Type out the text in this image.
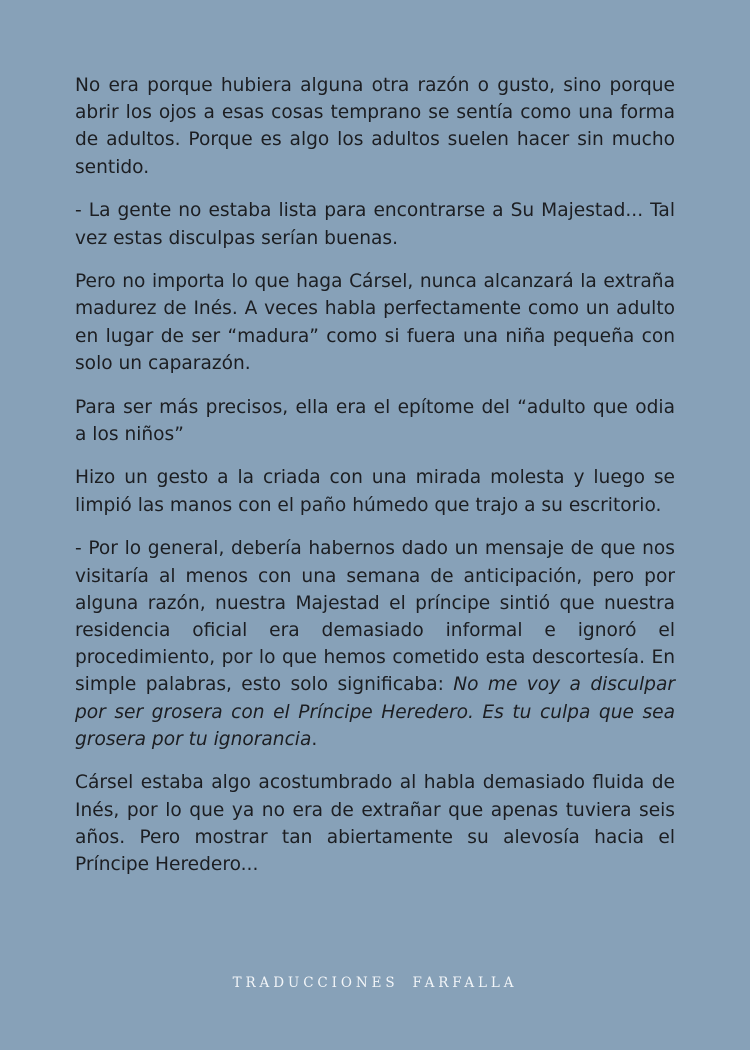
No era porque hubiera alguna otra razón o gusto, sino porque abrir los ojos a esas cosas temprano se sentía como una forma de adultos. Porque es algo los adultos suelen hacer sin mucho sentido.

- La gente no estaba lista para encontrarse a Su Majestad... Tal vez estas disculpas serían buenas.

Pero no importa lo que haga Cársel, nunca alcanzará la extraña madurez de Inés. A veces habla perfectamente como un adulto en lugar de ser “madura” como si fuera una niña pequeña con solo un caparazón.

Para ser más precisos, ella era el epítome del “adulto que odia a los niños”

Hizo un gesto a la criada con una mirada molesta y luego se limpió las manos con el paño húmedo que trajo a su escritorio.

- Por lo general, debería habernos dado un mensaje de que nos visitaría al menos con una semana de anticipación, pero por alguna razón, nuestra Majestad el príncipe sintió que nuestra residencia oficial era demasiado informal e ignoró el procedimiento, por lo que hemos cometido esta descortesía. En simple palabras, esto solo significaba: No me voy a disculpar por ser grosera con el Príncipe Heredero. Es tu culpa que sea grosera por tu ignorancia.

Cársel estaba algo acostumbrado al habla demasiado fluida de Inés, por lo que ya no era de extrañar que apenas tuviera seis años. Pero mostrar tan abiertamente su alevosía hacia el Príncipe Heredero...

TRADUCCIONES FARFALLA
